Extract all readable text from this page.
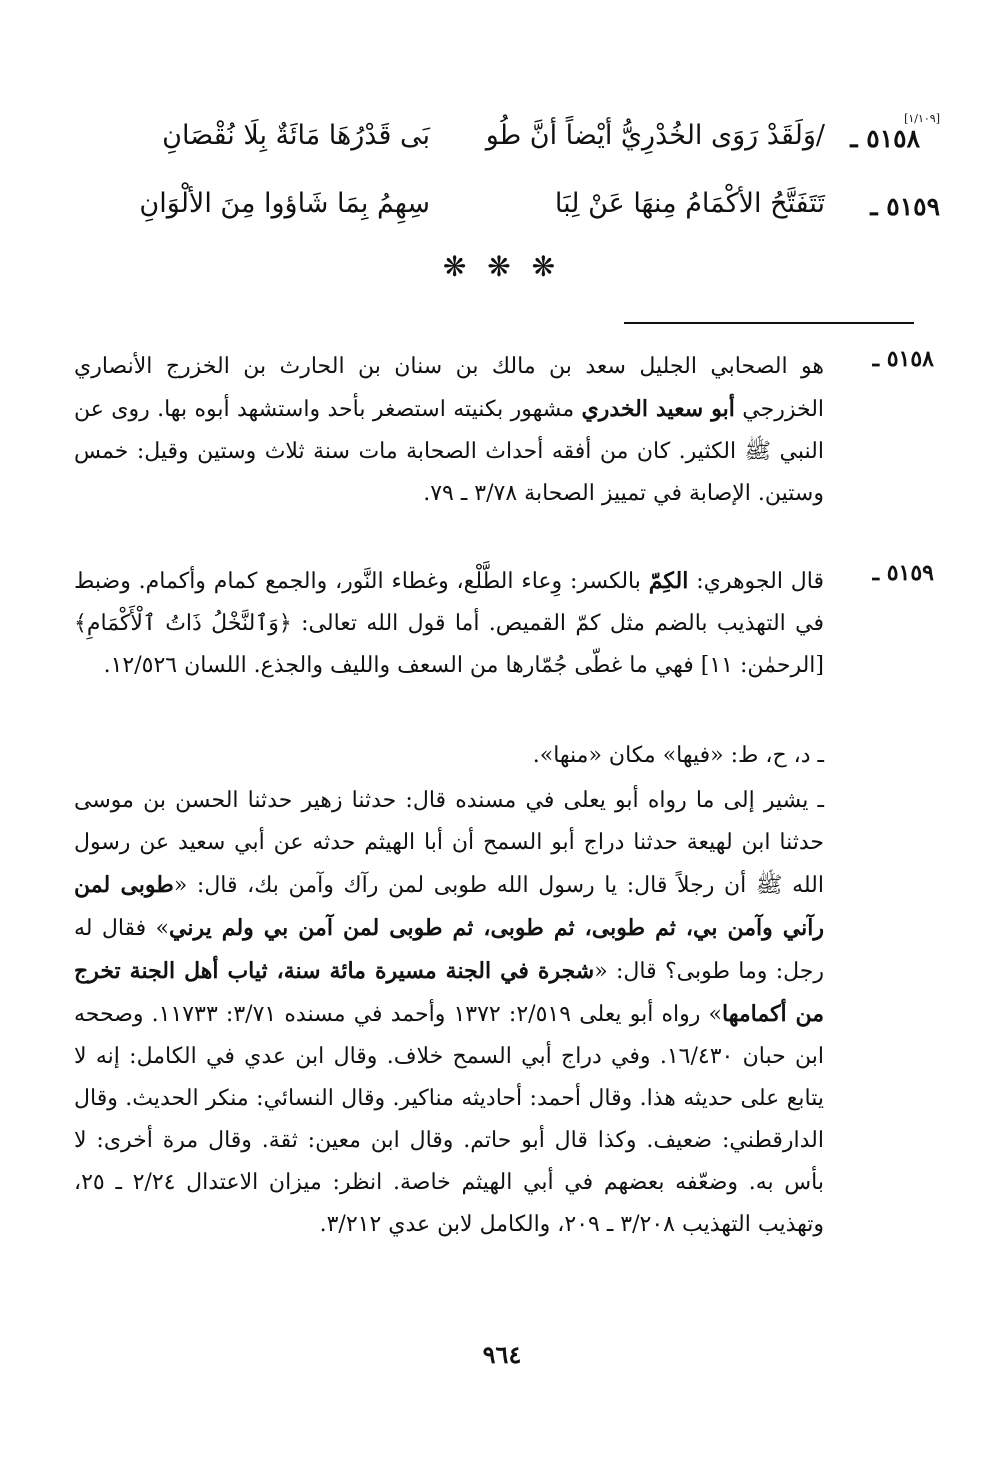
[١/١٠٩]
٥١٥٨ ـ
/وَلَقَدْ رَوَى الخُدْرِيُّ أيْضاً أنَّ طُو
بَى قَدْرُهَا مَائَةٌ بِلَا نُقْصَانِ
٥١٥٩ ـ
تَتَفَتَّحُ الأكْمَامُ مِنهَا عَنْ لِبَا
سِهِمُ بِمَا شَاؤوا مِنَ الألْوَانِ
❋ ❋ ❋
٥١٥٨ ـ
هو الصحابي الجليل سعد بن مالك بن سنان بن الحارث بن الخزرج الأنصاري الخزرجي أبو سعيد الخدري مشهور بكنيته استصغر بأحد واستشهد أبوه بها. روى عن النبي ﷺ الكثير. كان من أفقه أحداث الصحابة مات سنة ثلاث وستين وقيل: خمس وستين. الإصابة في تمييز الصحابة ٣/٧٨ ـ ٧٩.
٥١٥٩ ـ
قال الجوهري: الكِمّ بالكسر: وِعاء الطَّلْع، وغطاء النَّور، والجمع كمام وأكمام. وضبط في التهذيب بالضم مثل كمّ القميص. أما قول الله تعالى: ﴿وَٱلنَّخْلُ ذَاتُ ٱلْأَكْمَامِ﴾ [الرحمٰن: ١١] فهي ما غطّى جُمّارها من السعف والليف والجذع. اللسان ١٢/٥٢٦.
ـ د، ح، ط: «فيها» مكان «منها».
ـ يشير إلى ما رواه أبو يعلى في مسنده قال: حدثنا زهير حدثنا الحسن بن موسى حدثنا ابن لهيعة حدثنا دراج أبو السمح أن أبا الهيثم حدثه عن أبي سعيد عن رسول الله ﷺ أن رجلاً قال: يا رسول الله طوبى لمن رآك وآمن بك، قال: «طوبى لمن رآني وآمن بي، ثم طوبى، ثم طوبى، ثم طوبى لمن آمن بي ولم يرني» فقال له رجل: وما طوبى؟ قال: «شجرة في الجنة مسيرة مائة سنة، ثياب أهل الجنة تخرج من أكمامها» رواه أبو يعلى ٢/٥١٩: ١٣٧٢ وأحمد في مسنده ٣/٧١: ١١٧٣٣. وصححه ابن حبان ١٦/٤٣٠. وفي دراج أبي السمح خلاف. وقال ابن عدي في الكامل: إنه لا يتابع على حديثه هذا. وقال أحمد: أحاديثه مناكير. وقال النسائي: منكر الحديث. وقال الدارقطني: ضعيف. وكذا قال أبو حاتم. وقال ابن معين: ثقة. وقال مرة أخرى: لا بأس به. وضعّفه بعضهم في أبي الهيثم خاصة. انظر: ميزان الاعتدال ٢/٢٤ ـ ٢٥، وتهذيب التهذيب ٣/٢٠٨ ـ ٢٠٩، والكامل لابن عدي ٣/٢١٢.
٩٦٤
